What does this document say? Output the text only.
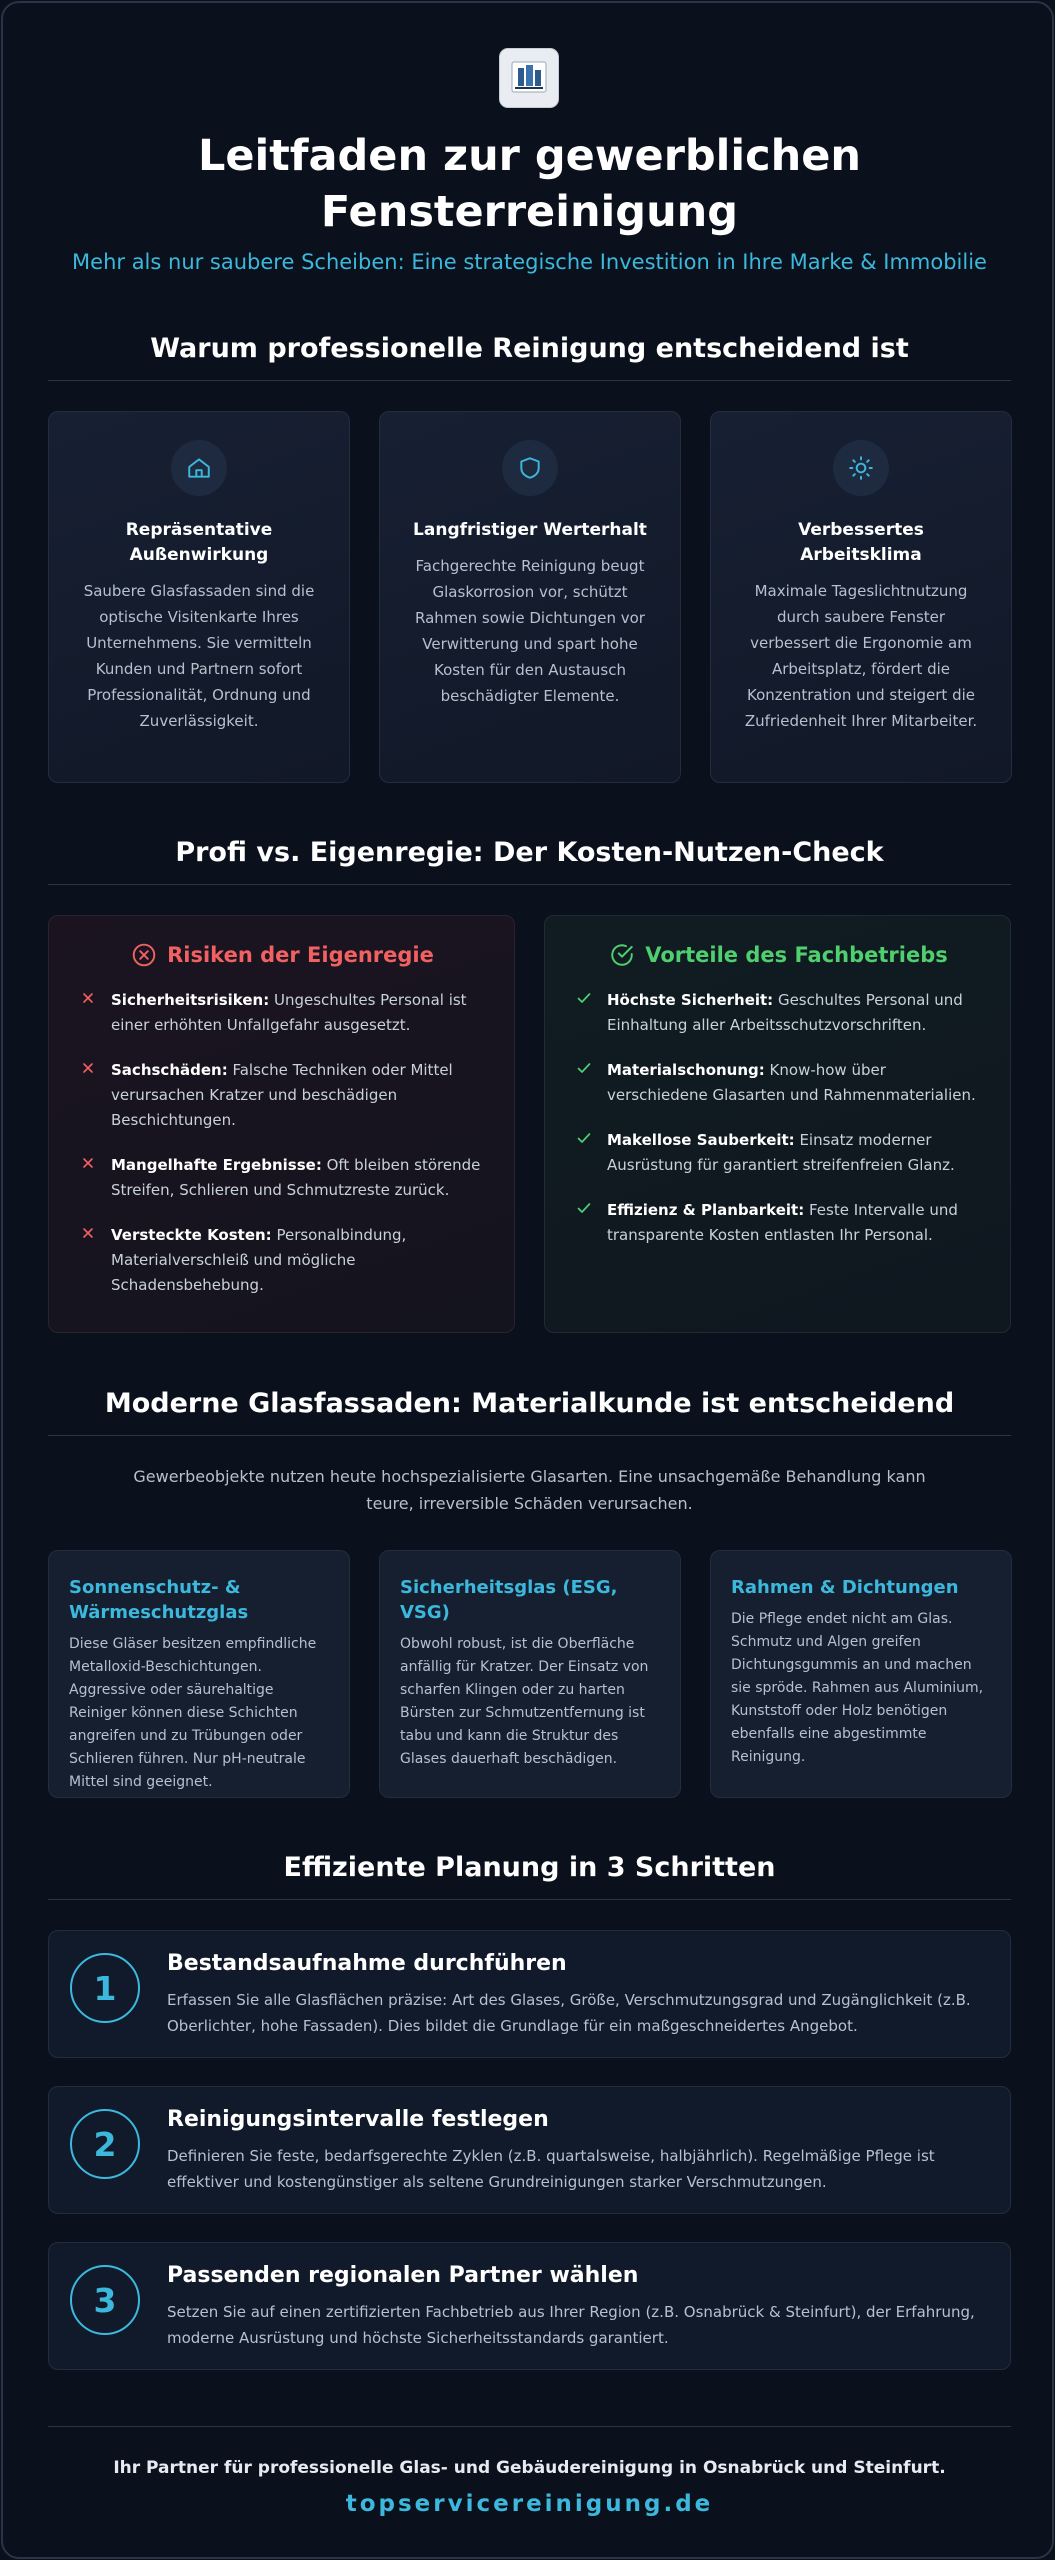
Leitfaden zur gewerblichen Fensterreinigung
Mehr als nur saubere Scheiben: Eine strategische Investition in Ihre Marke & Immobilie
Warum professionelle Reinigung entscheidend ist
Repräsentative Außenwirkung
Saubere Glasfassaden sind die optische Visitenkarte Ihres Unternehmens. Sie vermitteln Kunden und Partnern sofort Professionalität, Ordnung und Zuverlässigkeit.
Langfristiger Werterhalt
Fachgerechte Reinigung beugt Glaskorrosion vor, schützt Rahmen sowie Dichtungen vor Verwitterung und spart hohe Kosten für den Austausch beschädigter Elemente.
Verbessertes Arbeitsklima
Maximale Tageslichtnutzung durch saubere Fenster verbessert die Ergonomie am Arbeitsplatz, fördert die Konzentration und steigert die Zufriedenheit Ihrer Mitarbeiter.
Profi vs. Eigenregie: Der Kosten-Nutzen-Check
Risiken der Eigenregie
Sicherheitsrisiken: Ungeschultes Personal ist einer erhöhten Unfallgefahr ausgesetzt.
Sachschäden: Falsche Techniken oder Mittel verursachen Kratzer und beschädigen Beschichtungen.
Mangelhafte Ergebnisse: Oft bleiben störende Streifen, Schlieren und Schmutzreste zurück.
Versteckte Kosten: Personalbindung, Materialverschleiß und mögliche Schadensbehebung.
Vorteile des Fachbetriebs
Höchste Sicherheit: Geschultes Personal und Einhaltung aller Arbeitsschutzvorschriften.
Materialschonung: Know-how über verschiedene Glasarten und Rahmenmaterialien.
Makellose Sauberkeit: Einsatz moderner Ausrüstung für garantiert streifenfreien Glanz.
Effizienz & Planbarkeit: Feste Intervalle und transparente Kosten entlasten Ihr Personal.
Moderne Glasfassaden: Materialkunde ist entscheidend
Gewerbeobjekte nutzen heute hochspezialisierte Glasarten. Eine unsachgemäße Behandlung kann teure, irreversible Schäden verursachen.
Sonnenschutz- & Wärmeschutzglas
Diese Gläser besitzen empfindliche Metalloxid-Beschichtungen. Aggressive oder säurehaltige Reiniger können diese Schichten angreifen und zu Trübungen oder Schlieren führen. Nur pH-neutrale Mittel sind geeignet.
Sicherheitsglas (ESG, VSG)
Obwohl robust, ist die Oberfläche anfällig für Kratzer. Der Einsatz von scharfen Klingen oder zu harten Bürsten zur Schmutzentfernung ist tabu und kann die Struktur des Glases dauerhaft beschädigen.
Rahmen & Dichtungen
Die Pflege endet nicht am Glas. Schmutz und Algen greifen Dichtungsgummis an und machen sie spröde. Rahmen aus Aluminium, Kunststoff oder Holz benötigen ebenfalls eine abgestimmte Reinigung.
Effiziente Planung in 3 Schritten
1
Bestandsaufnahme durchführen
Erfassen Sie alle Glasflächen präzise: Art des Glases, Größe, Verschmutzungsgrad und Zugänglichkeit (z.B. Oberlichter, hohe Fassaden). Dies bildet die Grundlage für ein maßgeschneidertes Angebot.
2
Reinigungsintervalle festlegen
Definieren Sie feste, bedarfsgerechte Zyklen (z.B. quartalsweise, halbjährlich). Regelmäßige Pflege ist effektiver und kostengünstiger als seltene Grundreinigungen starker Verschmutzungen.
3
Passenden regionalen Partner wählen
Setzen Sie auf einen zertifizierten Fachbetrieb aus Ihrer Region (z.B. Osnabrück & Steinfurt), der Erfahrung, moderne Ausrüstung und höchste Sicherheitsstandards garantiert.
Ihr Partner für professionelle Glas- und Gebäudereinigung in Osnabrück und Steinfurt.
topservicereinigung.de
